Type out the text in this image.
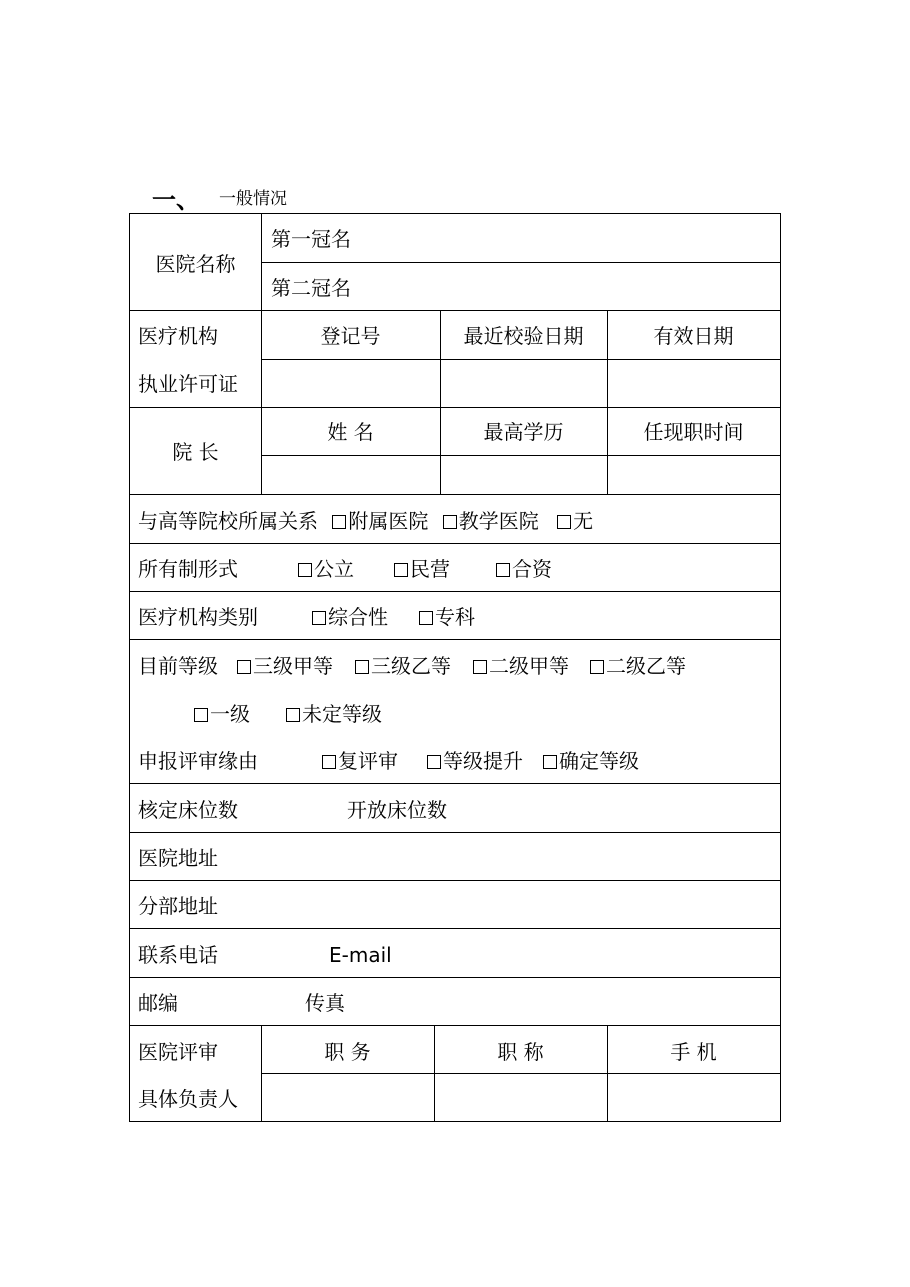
一、 一般情况
医院名称
第一冠名
第二冠名
医疗机构
执业许可证
登记号	最近校验日期	有效日期
院 长
姓 名	最高学历	任现职时间
与高等院校所属关系 附属医院 教学医院 无
所有制形式	公立	民营	合资
医疗机构类别	综合性	专科
目前等级	三级甲等	三级乙等	二级甲等	二级乙等
一级	未定等级
申报评审缘由	复评审	等级提升	确定等级
核定床位数	开放床位数
医院地址
分部地址
联系电话	E-mail
邮编	传真
医院评审
具体负责人
职 务	职 称	手 机
